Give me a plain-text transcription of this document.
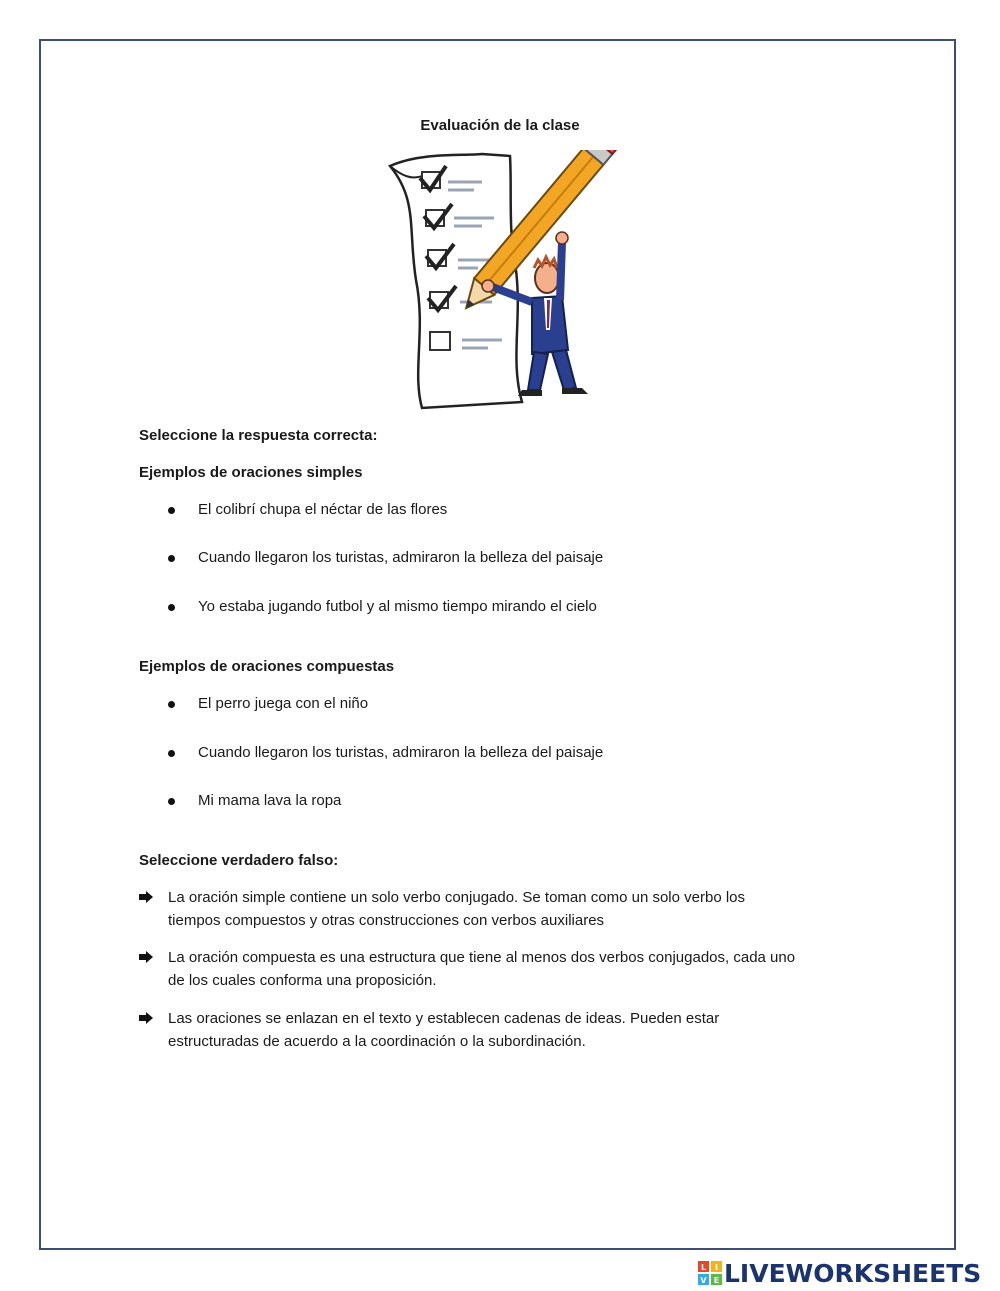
Evaluación de la clase
Seleccione la respuesta correcta:
Ejemplos de oraciones simples
El colibrí chupa el néctar de las flores
Cuando llegaron los turistas, admiraron la belleza del paisaje
Yo estaba jugando futbol y al mismo tiempo mirando el cielo
Ejemplos de oraciones compuestas
El perro juega con el niño
Cuando llegaron los turistas, admiraron la belleza del paisaje
Mi mama lava la ropa
Seleccione verdadero falso:
La oración simple contiene un solo verbo conjugado. Se toman como un solo verbo los
tiempos compuestos y otras construcciones con verbos auxiliares
La oración compuesta es una estructura que tiene al menos dos verbos conjugados, cada uno
de los cuales conforma una proposición.
Las oraciones se enlazan en el texto y establecen cadenas de ideas. Pueden estar
estructuradas de acuerdo a la coordinación o la subordinación.
L I
V E LIVEWORKSHEETS
